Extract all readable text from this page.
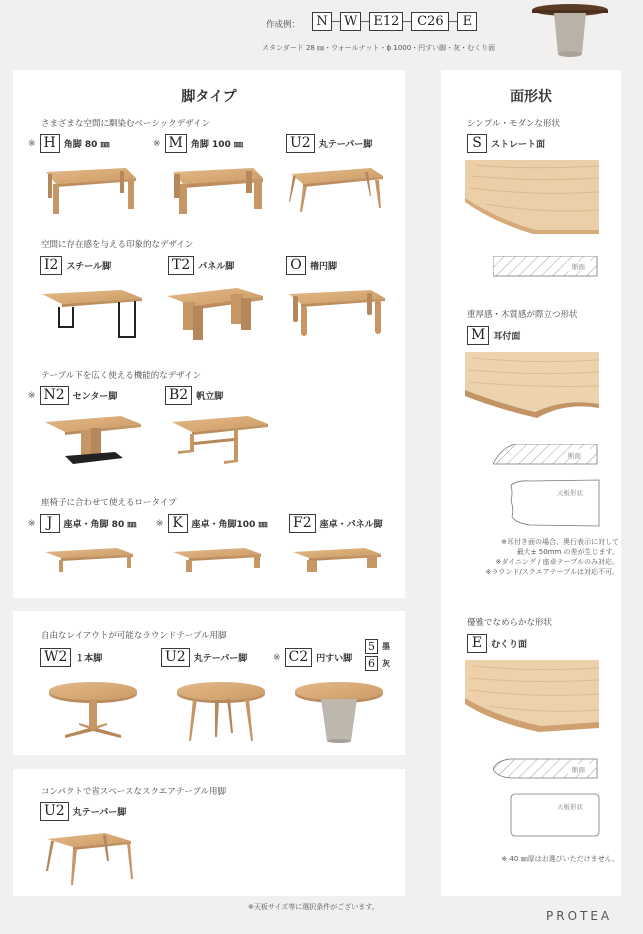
作成例：	N	W	E12	C26	E
スタンダード 28 ㎜・ウォールナット・ϕ 1000・円すい脚・灰・むくり面
脚タイプ
さまざまな空間に馴染むベーシックデザイン
※ H 角脚 80 ㎜	※ M 角脚 100 ㎜	U2 丸テーパー脚
空間に存在感を与える印象的なデザイン
I2 スチール脚	T2 パネル脚	O 楕円脚
テーブル下を広く使える機能的なデザイン
※ N2 センター脚	B2 帆立脚
座椅子に合わせて使えるロータイプ
※ J	座卓・角脚 80 ㎜ ※ K 座卓・角脚100 ㎜ F2 座卓・パネル脚
自由なレイアウトが可能なラウンドテーブル用脚
W2 １本脚	U2 丸テーパー脚	※ C2 円すい脚
5 墨
6 灰
コンパクトで省スペースなスクエアテーブル用脚
U2 丸テーパー脚
※天板サイズ等に選択条件がございます。
PROTEA
面形状
シンプル・モダンな形状
S	ストレート面
断面
重厚感・木質感が際立つ形状
M 耳付面
断面
天板形状
※耳付き面の場合、奥行表示に対して
最大± 50mm の差が生じます。
※ダイニング / 座卓テーブルのみ対応。
※ラウンド/スクエアテーブルは対応不可。
優雅でなめらかな形状
E むくり面
断面
天板形状
※ 40 ㎜厚はお選びいただけません。
